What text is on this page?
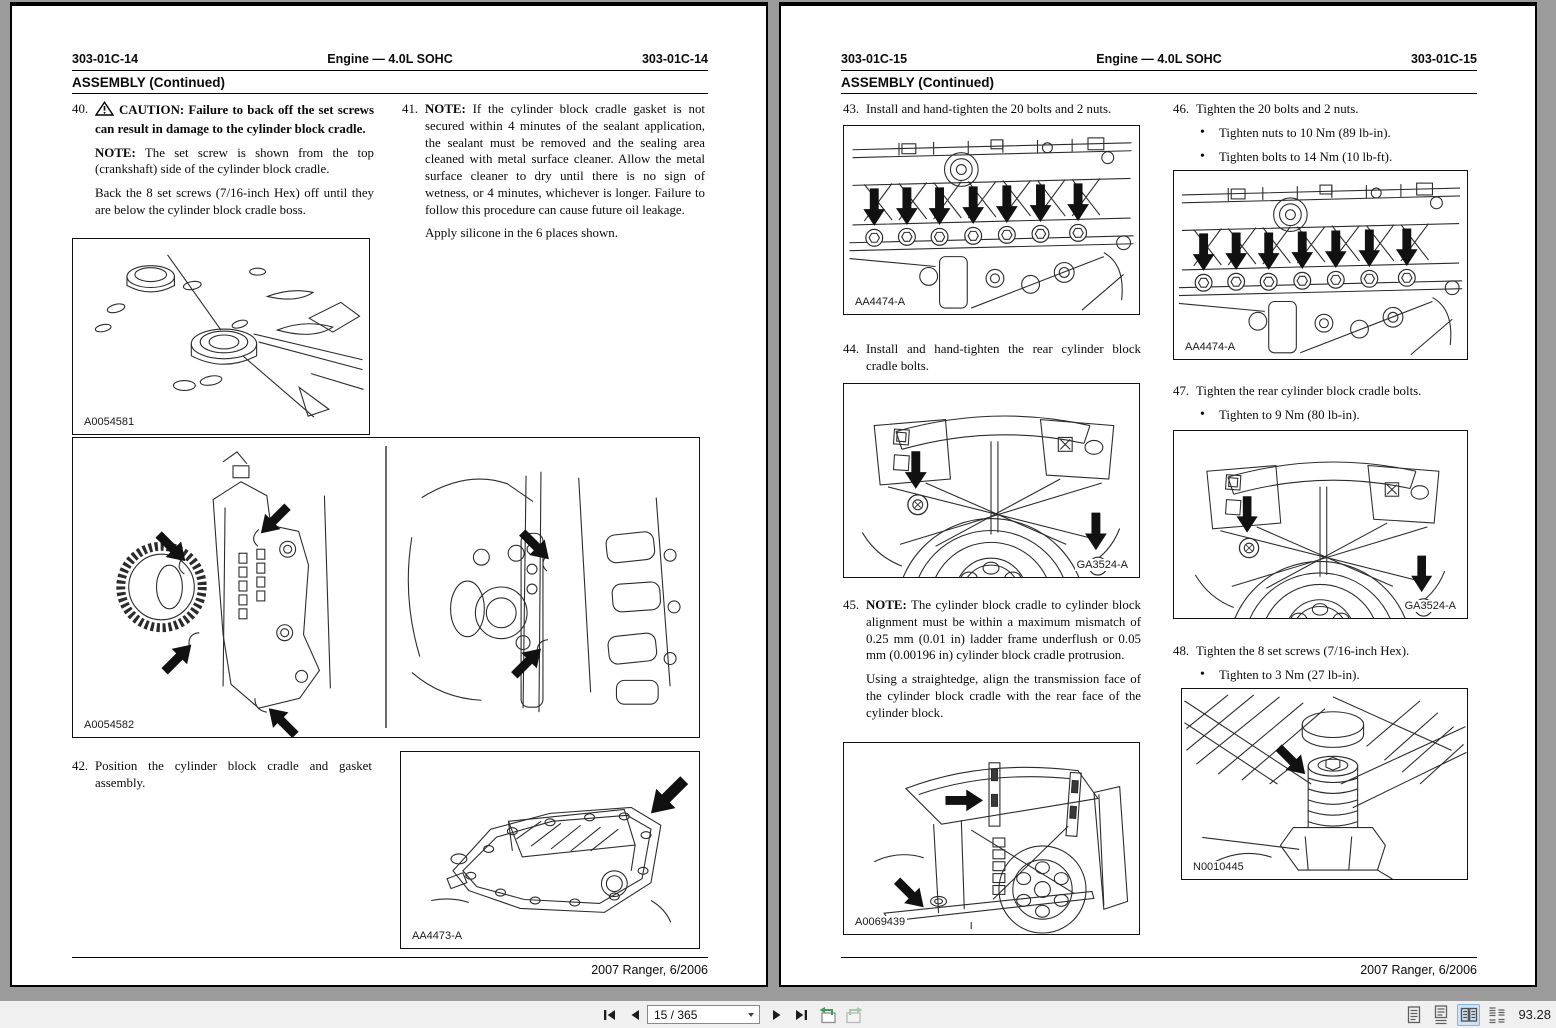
303-01C-14	Engine — 4.0L SOHC	303-01C-14
ASSEMBLY (Continued)
40.	CAUTION: Failure to back off the set screws can result in damage to the cylinder block cradle.
NOTE: The set screw is shown from the top (crankshaft) side of the cylinder block cradle.
Back the 8 set screws (7/16-inch Hex) off until they are below the cylinder block cradle boss.
41. NOTE: If the cylinder block cradle gasket is not secured within 4 minutes of the sealant application, the sealant must be removed and the sealing area cleaned with metal surface cleaner. Allow the metal surface cleaner to dry until there is no sign of wetness, or 4 minutes, whichever is longer. Failure to follow this procedure can cause future oil leakage.
Apply silicone in the 6 places shown.
A0054581
A0054582
42. Position the cylinder block cradle and gasket assembly.
AA4473-A
2007 Ranger, 6/2006
303-01C-15	Engine — 4.0L SOHC	303-01C-15
ASSEMBLY (Continued)
43. Install and hand-tighten the 20 bolts and 2 nuts.
AA4474-A
44. Install and hand-tighten the rear cylinder block cradle bolts.
GA3524-A
45. NOTE: The cylinder block cradle to cylinder block alignment must be within a maximum mismatch of 0.25 mm (0.01 in) ladder frame underflush or 0.05 mm (0.00196 in) cylinder block cradle protrusion.
Using a straightedge, align the transmission face of the cylinder block cradle with the rear face of the cylinder block.
A0069439
46. Tighten the 20 bolts and 2 nuts.
• Tighten nuts to 10 Nm (89 lb-in).
• Tighten bolts to 14 Nm (10 lb-ft).
AA4474-A
47. Tighten the rear cylinder block cradle bolts.
• Tighten to 9 Nm (80 lb-in).
GA3524-A
48. Tighten the 8 set screws (7/16-inch Hex).
• Tighten to 3 Nm (27 lb-in).
N0010445
2007 Ranger, 6/2006
15 / 365	93.28
